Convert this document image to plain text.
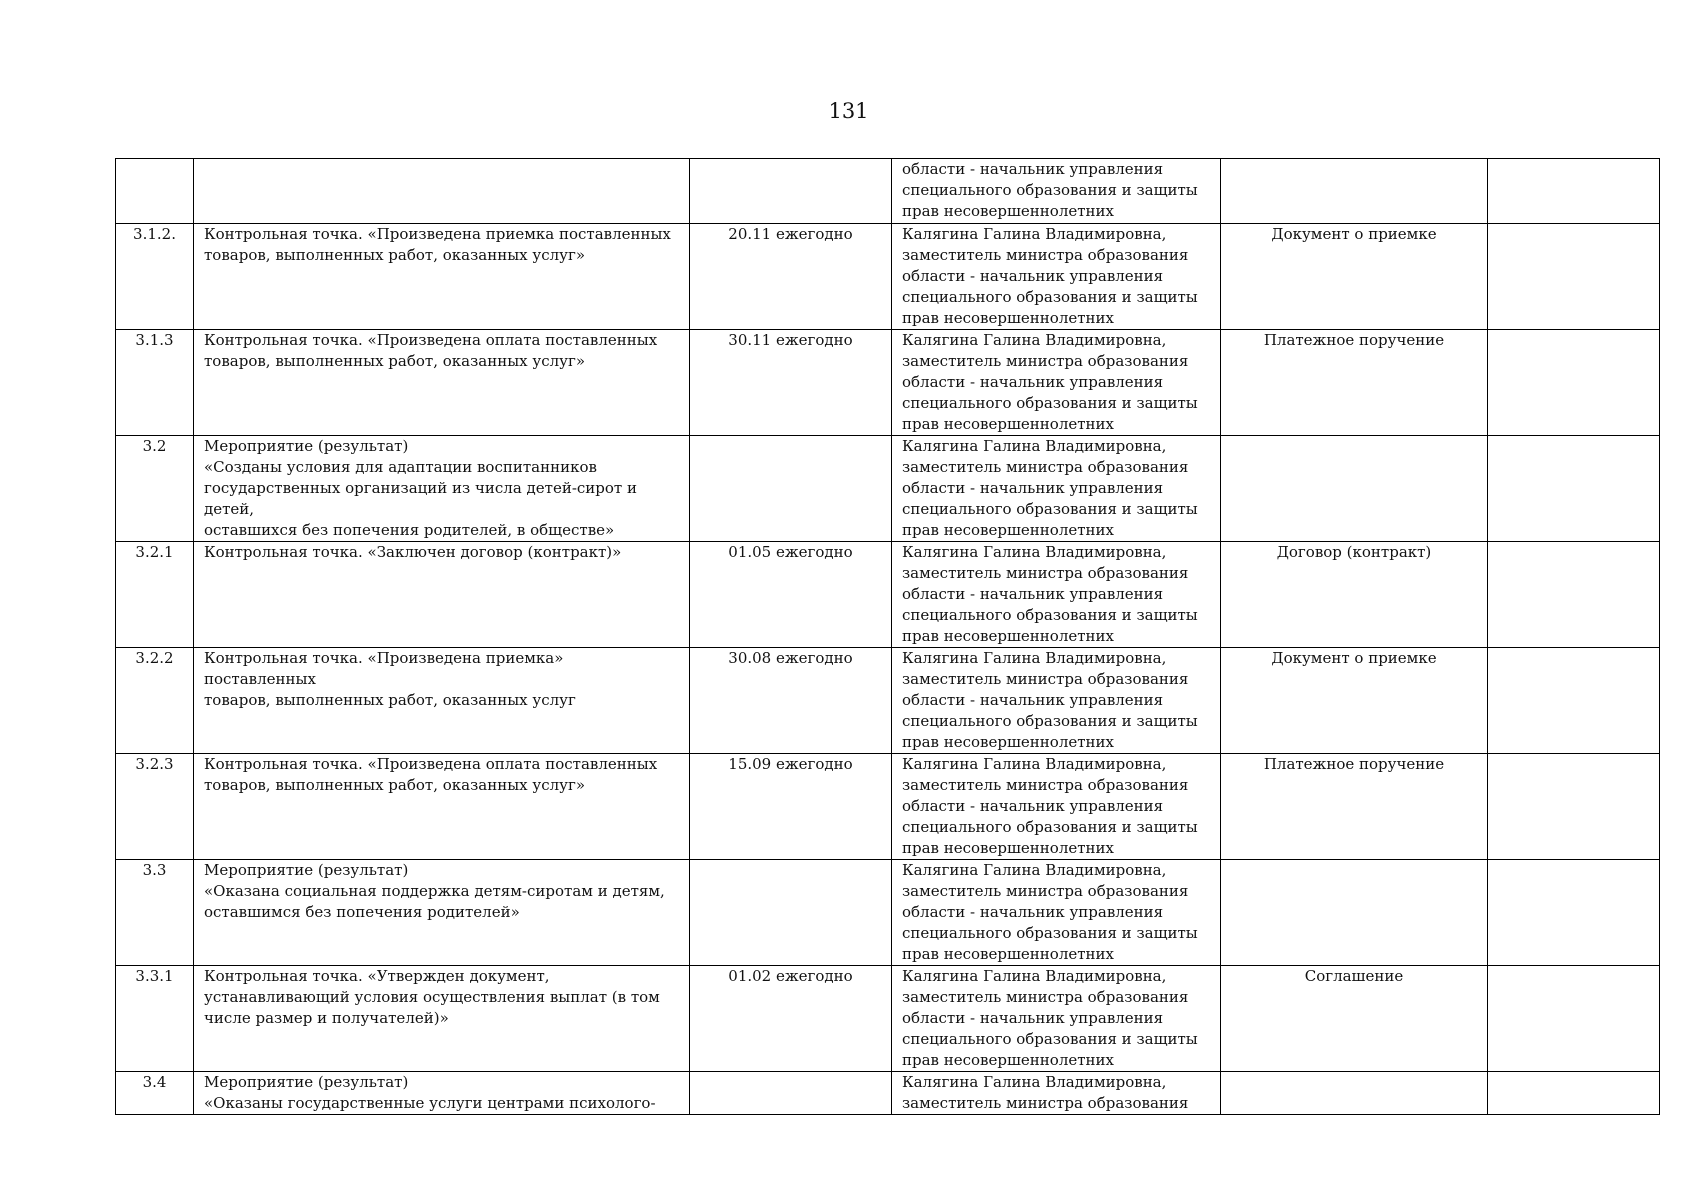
131
			области - начальник управления
специального образования и защиты
прав несовершеннолетних		
3.1.2.	Контрольная точка. «Произведена приемка поставленных
товаров, выполненных работ, оказанных услуг»	20.11 ежегодно	Калягина Галина Владимировна,
заместитель министра образования
области - начальник управления
специального образования и защиты
прав несовершеннолетних	Документ о приемке	
3.1.3	Контрольная точка. «Произведена оплата поставленных
товаров, выполненных работ, оказанных услуг»	30.11 ежегодно	Калягина Галина Владимировна,
заместитель министра образования
области - начальник управления
специального образования и защиты
прав несовершеннолетних	Платежное поручение	
3.2	Мероприятие (результат)
«Созданы условия для адаптации воспитанников
государственных организаций из числа детей-сирот и детей,
оставшихся без попечения родителей, в обществе»		Калягина Галина Владимировна,
заместитель министра образования
области - начальник управления
специального образования и защиты
прав несовершеннолетних		
3.2.1	Контрольная точка. «Заключен договор (контракт)»	01.05 ежегодно	Калягина Галина Владимировна,
заместитель министра образования
области - начальник управления
специального образования и защиты
прав несовершеннолетних	Договор (контракт)	
3.2.2	Контрольная точка. «Произведена приемка» поставленных
товаров, выполненных работ, оказанных услуг	30.08 ежегодно	Калягина Галина Владимировна,
заместитель министра образования
области - начальник управления
специального образования и защиты
прав несовершеннолетних	Документ о приемке	
3.2.3	Контрольная точка. «Произведена оплата поставленных
товаров, выполненных работ, оказанных услуг»	15.09 ежегодно	Калягина Галина Владимировна,
заместитель министра образования
области - начальник управления
специального образования и защиты
прав несовершеннолетних	Платежное поручение	
3.3	Мероприятие (результат)
«Оказана социальная поддержка детям-сиротам и детям,
оставшимся без попечения родителей»		Калягина Галина Владимировна,
заместитель министра образования
области - начальник управления
специального образования и защиты
прав несовершеннолетних		
3.3.1	Контрольная точка. «Утвержден документ,
устанавливающий условия осуществления выплат (в том
числе размер и получателей)»	01.02 ежегодно	Калягина Галина Владимировна,
заместитель министра образования
области - начальник управления
специального образования и защиты
прав несовершеннолетних	Соглашение	
3.4	Мероприятие (результат)
«Оказаны государственные услуги центрами психолого-		Калягина Галина Владимировна,
заместитель министра образования		
